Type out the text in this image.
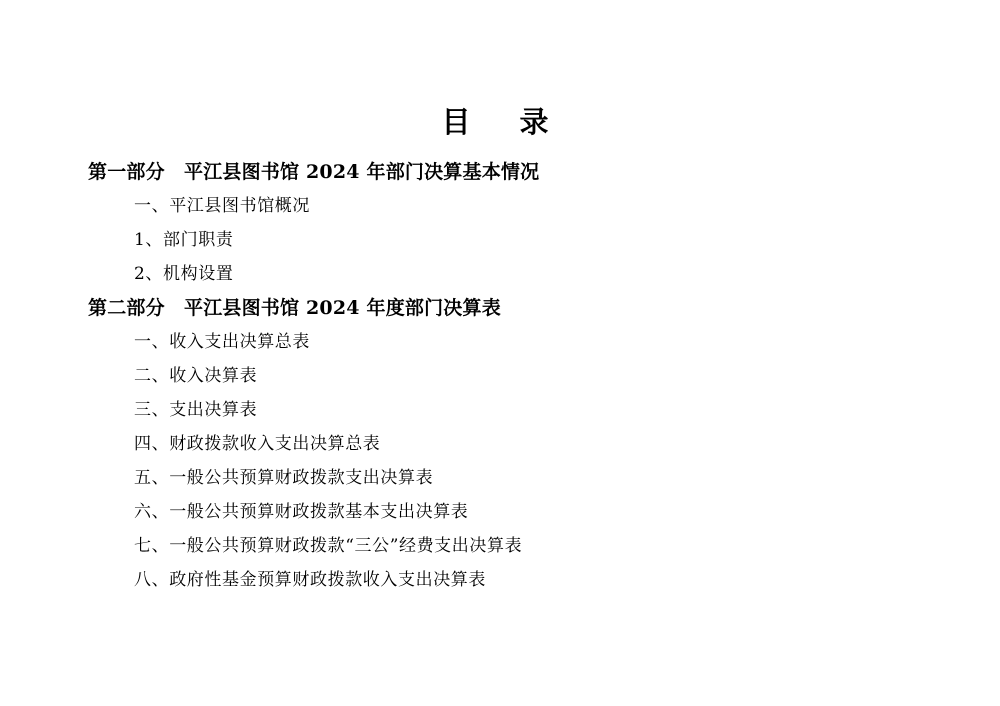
目　录
第一部分　平江县图书馆 2024 年部门决算基本情况
一、平江县图书馆概况
1、部门职责
2、机构设置
第二部分　平江县图书馆 2024 年度部门决算表
一、收入支出决算总表
二、收入决算表
三、支出决算表
四、财政拨款收入支出决算总表
五、一般公共预算财政拨款支出决算表
六、一般公共预算财政拨款基本支出决算表
七、一般公共预算财政拨款“三公”经费支出决算表
八、政府性基金预算财政拨款收入支出决算表
